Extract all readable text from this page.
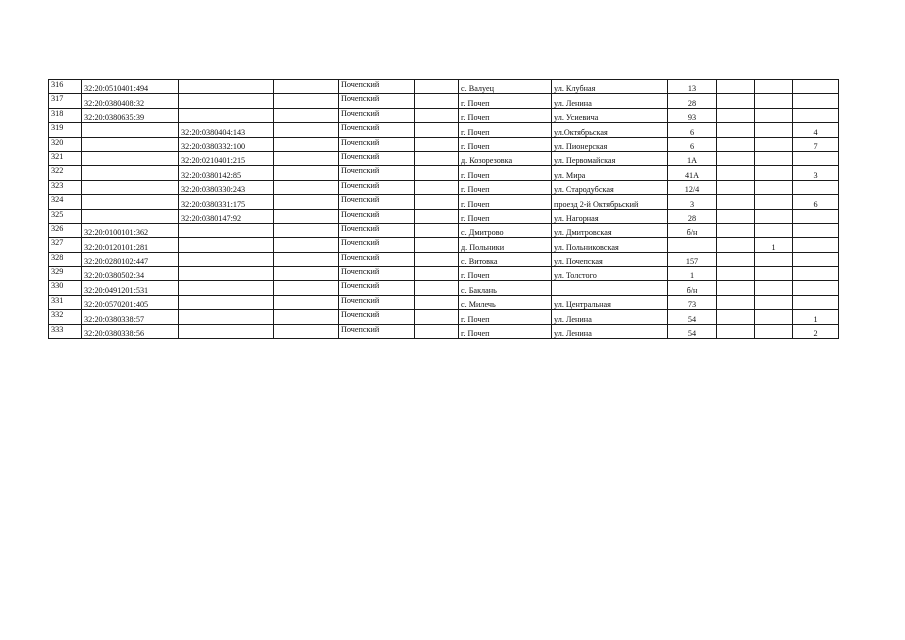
316	32:20:0510401:494			Почепский		с. Валуец	ул. Клубная	13			
317	32:20:0380408:32			Почепский		г. Почеп	ул. Ленина	28			
318	32:20:0380635:39			Почепский		г. Почеп	ул. Усиевича	93			
319		32:20:0380404:143		Почепский		г. Почеп	ул.Октябрьская	6			4
320		32:20:0380332:100		Почепский		г. Почеп	ул. Пионерская	6			7
321		32:20:0210401:215		Почепский		д. Козорезовка	ул. Первомайская	1А			
322		32:20:0380142:85		Почепский		г. Почеп	ул. Мира	41А			3
323		32:20:0380330:243		Почепский		г. Почеп	ул. Стародубская	12/4			
324		32:20:0380331:175		Почепский		г. Почеп	проезд 2-й Октябрьский	3			6
325		32:20:0380147:92		Почепский		г. Почеп	ул. Нагорная	28			
326	32:20:0100101:362			Почепский		с. Дмитрово	ул. Дмитровская	б/н			
327	32:20:0120101:281			Почепский		д. Польники	ул. Польниковская			1	
328	32:20:0280102:447			Почепский		с. Витовка	ул. Почепская	157			
329	32:20:0380502:34			Почепский		г. Почеп	ул. Толстого	1			
330	32:20:0491201:531			Почепский		с. Баклань		б/н			
331	32:20:0570201:405			Почепский		с. Милечь	ул. Центральная	73			
332	32:20:0380338:57			Почепский		г. Почеп	ул. Ленина	54			1
333	32:20:0380338:56			Почепский		г. Почеп	ул. Ленина	54			2
